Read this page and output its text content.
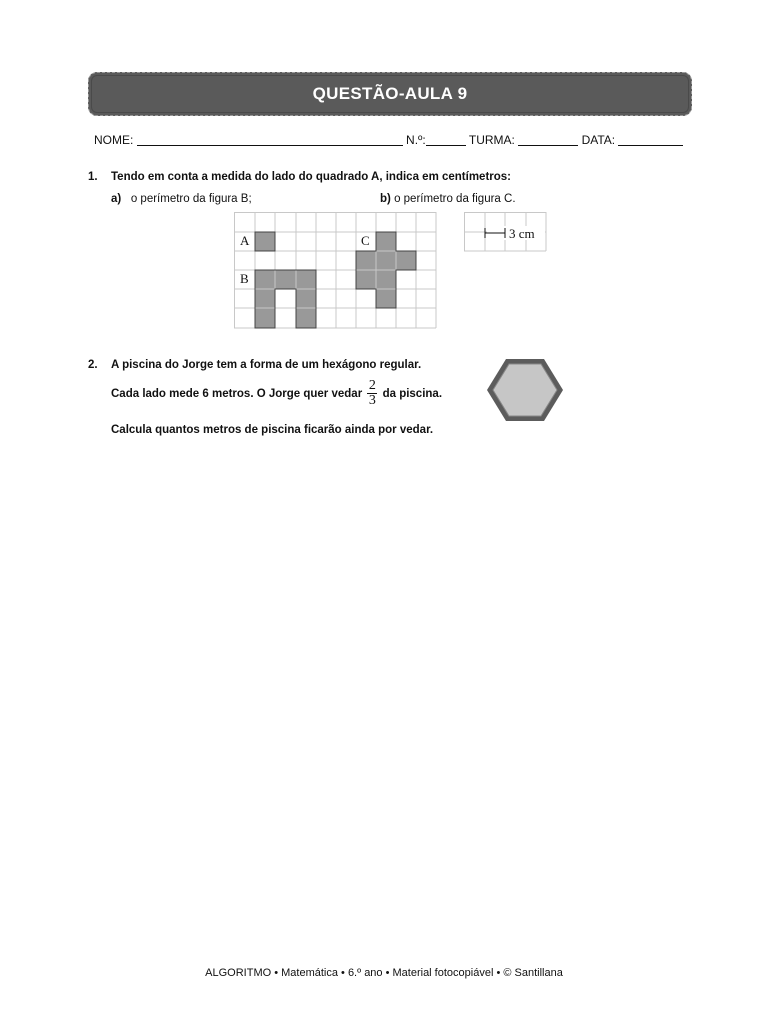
QUESTÃO-AULA 9
NOME:	N.º:	TURMA:	DATA:
1. Tendo em conta a medida do lado do quadrado A, indica em centímetros:
a) o perímetro da figura B;	b) o perímetro da figura C.
A
B
C	3 cm
2. A piscina do Jorge tem a forma de um hexágono regular.
Cada lado mede 6 metros. O Jorge quer vedar $\frac{2}{3}$ da piscina.
Calcula quantos metros de piscina ficarão ainda por vedar.
ALGORITMO • Matemática • 6.º ano • Material fotocopiável • © Santillana
